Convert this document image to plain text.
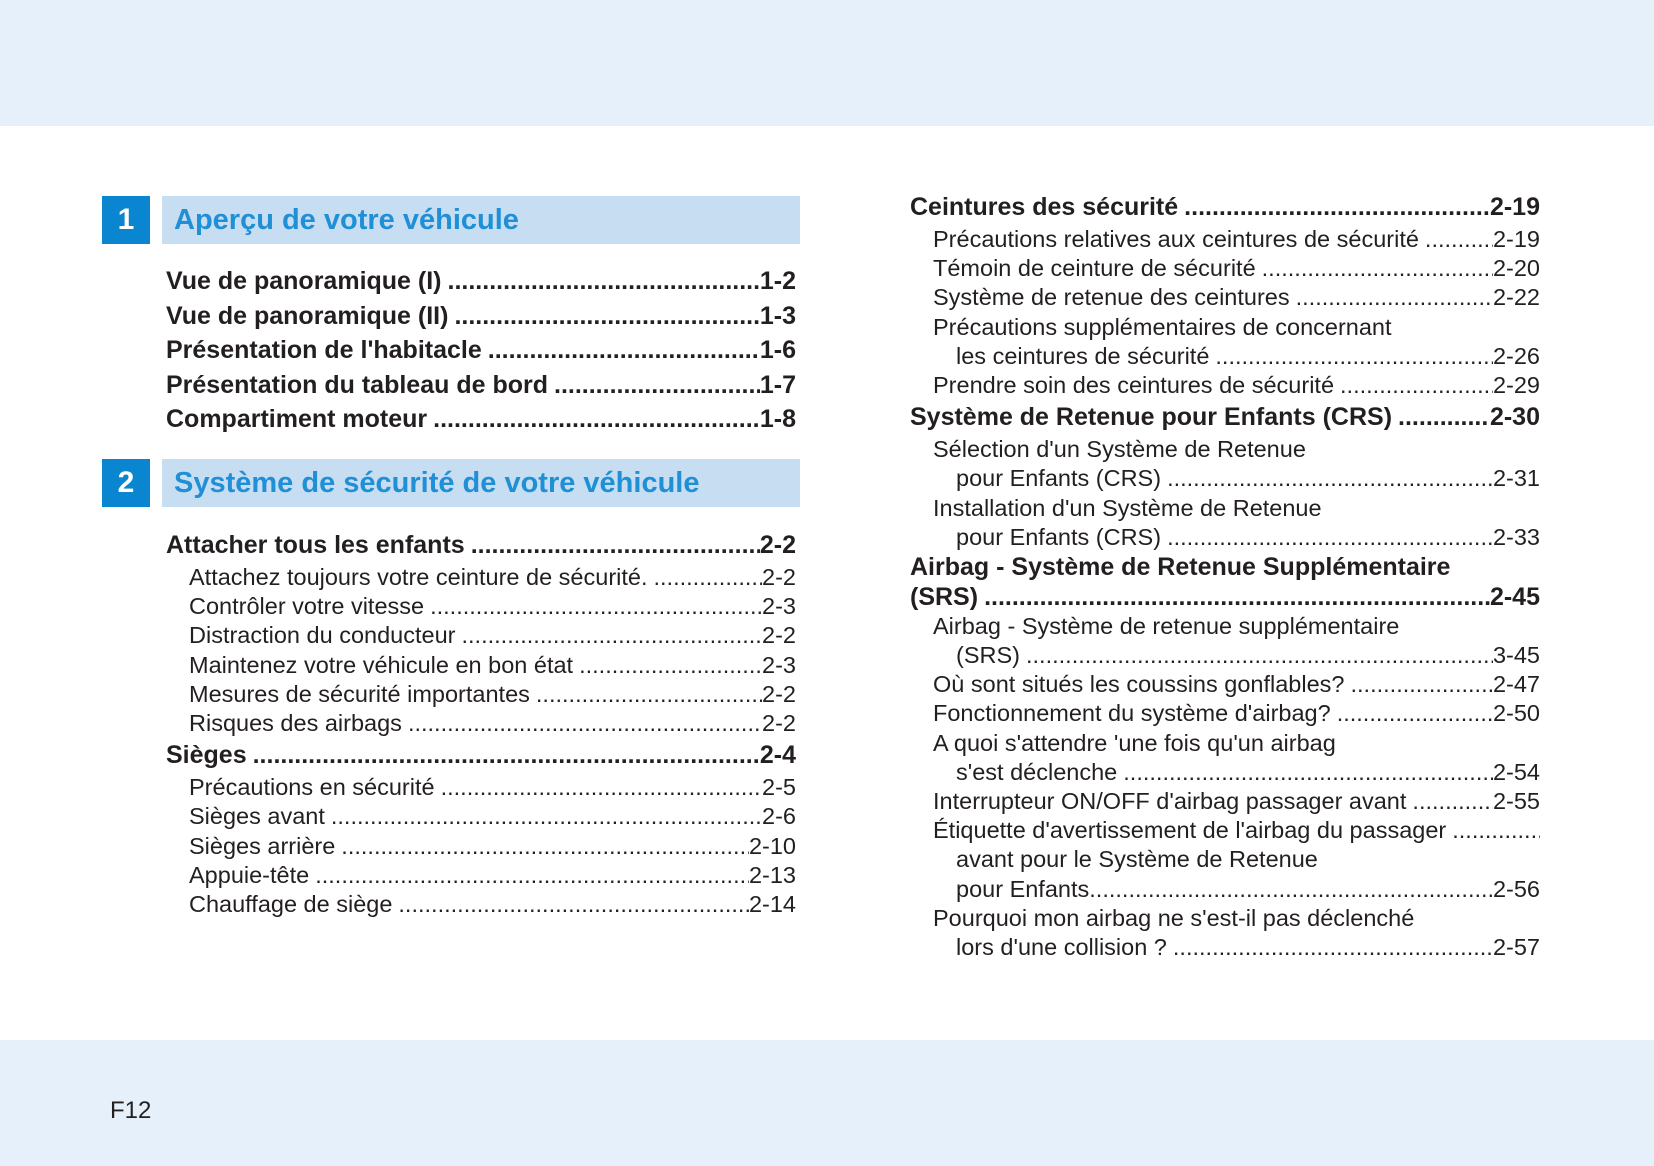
1	Aperçu de votre véhicule
Vue de panoramique (I) .....	1-2
Vue de panoramique (II) .....	1-3
Présentation de l'habitacle .....	1-6
Présentation du tableau de bord .....	1-7
Compartiment moteur .....	1-8
2	Système de sécurité de votre véhicule
Attacher tous les enfants .....	2-2
Attachez toujours votre ceinture de sécurité. .....	2-2
Contrôler votre vitesse .....	2-3
Distraction du conducteur .....	2-2
Maintenez votre véhicule en bon état .....	2-3
Mesures de sécurité importantes .....	2-2
Risques des airbags .....	2-2
Sièges .....	2-4
Précautions en sécurité .....	2-5
Sièges avant .....	2-6
Sièges arrière .....	2-10
Appuie-tête .....	2-13
Chauffage de siège .....	2-14
Ceintures des sécurité .....	2-19
Précautions relatives aux ceintures de sécurité .....	2-19
Témoin de ceinture de sécurité .....	2-20
Système de retenue des ceintures .....	2-22
Précautions supplémentaires de concernant
les ceintures de sécurité .....	2-26
Prendre soin des ceintures de sécurité .....	2-29
Système de Retenue pour Enfants (CRS) .....	2-30
Sélection d'un Système de Retenue
pour Enfants (CRS) .....	2-31
Installation d'un Système de Retenue
pour Enfants (CRS) .....	2-33
Airbag - Système de Retenue Supplémentaire
(SRS) .....	2-45
Airbag - Système de retenue supplémentaire
(SRS) .....	3-45
Où sont situés les coussins gonflables? .....	2-47
Fonctionnement du système d'airbag? .....	2-50
A quoi s'attendre 'une fois qu'un airbag
s'est déclenche .....	2-54
Interrupteur ON/OFF d'airbag passager avant .....	2-55
Étiquette d'avertissement de l'airbag du passager
.....
avant pour le Système de Retenue
pour Enfants .....	2-56
Pourquoi mon airbag ne s'est-il pas déclenché
lors d'une collision ? .....	2-57
F12
